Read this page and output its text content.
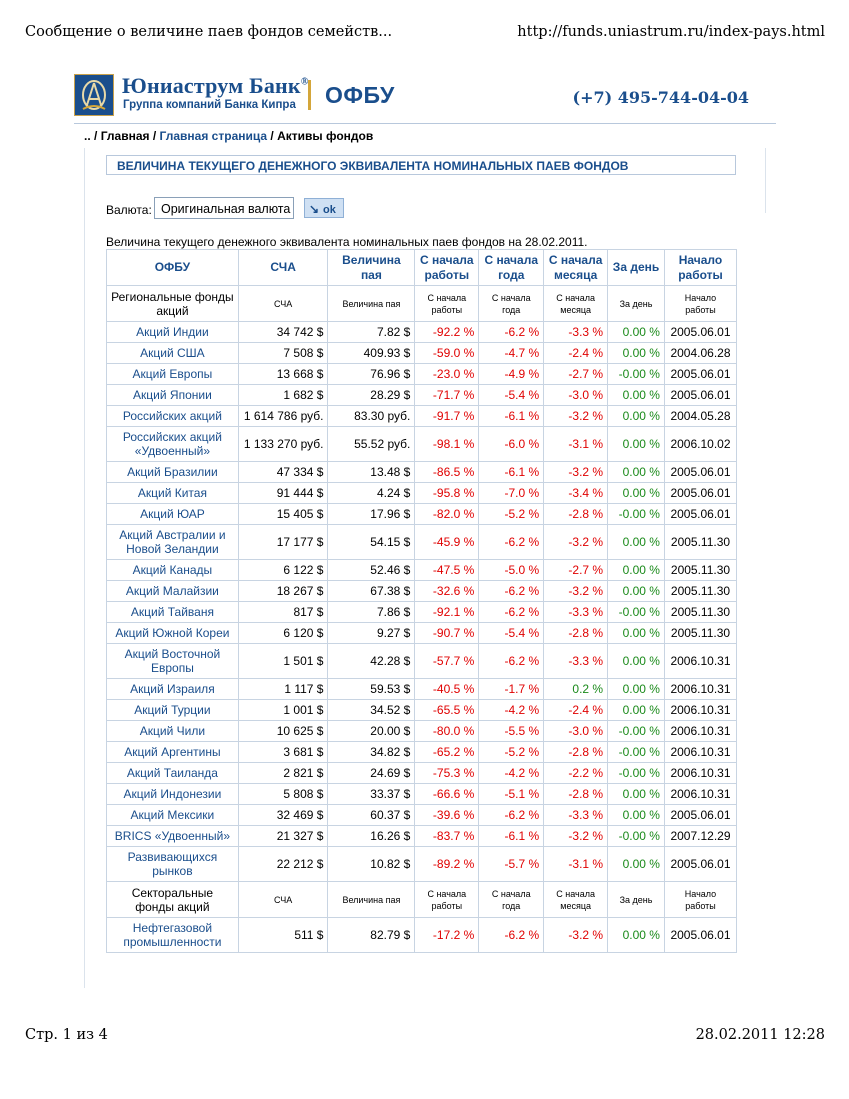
Сообщение о величине паев фондов семейств...	http://funds.uniastrum.ru/index-pays.html
Юниаструм Банк®
Группа компаний Банка Кипра ОФБУ	(+7) 495-744-04-04
.. / Главная / Главная страница / Активы фондов
ВЕЛИЧИНА ТЕКУЩЕГО ДЕНЕЖНОГО ЭКВИВАЛЕНТА НОМИНАЛЬНЫХ ПАЕВ ФОНДОВ
Валюта: Оригинальная валюта	↘ ok
Величина текущего денежного эквивалента номинальных паев фондов на 28.02.2011.
ОФБУ	СЧА	Величина пая	С начала работы	С начала года	С начала месяца	За день	Начало работы
Региональные фонды акций	СЧА	Величина пая	С начала работы	С начала года	С начала месяца	За день	Начало работы
Акций Индии	34 742 $	7.82 $	-92.2 %	-6.2 %	-3.3 %	0.00 %	2005.06.01
Акций США	7 508 $	409.93 $	-59.0 %	-4.7 %	-2.4 %	0.00 %	2004.06.28
Акций Европы	13 668 $	76.96 $	-23.0 %	-4.9 %	-2.7 %	-0.00 %	2005.06.01
Акций Японии	1 682 $	28.29 $	-71.7 %	-5.4 %	-3.0 %	0.00 %	2005.06.01
Российских акций	1 614 786 руб.	83.30 руб.	-91.7 %	-6.1 %	-3.2 %	0.00 %	2004.05.28
Российских акций «Удвоенный»	1 133 270 руб.	55.52 руб.	-98.1 %	-6.0 %	-3.1 %	0.00 %	2006.10.02
Акций Бразилии	47 334 $	13.48 $	-86.5 %	-6.1 %	-3.2 %	0.00 %	2005.06.01
Акций Китая	91 444 $	4.24 $	-95.8 %	-7.0 %	-3.4 %	0.00 %	2005.06.01
Акций ЮАР	15 405 $	17.96 $	-82.0 %	-5.2 %	-2.8 %	-0.00 %	2005.06.01
Акций Австралии и Новой Зеландии	17 177 $	54.15 $	-45.9 %	-6.2 %	-3.2 %	0.00 %	2005.11.30
Акций Канады	6 122 $	52.46 $	-47.5 %	-5.0 %	-2.7 %	0.00 %	2005.11.30
Акций Малайзии	18 267 $	67.38 $	-32.6 %	-6.2 %	-3.2 %	0.00 %	2005.11.30
Акций Тайваня	817 $	7.86 $	-92.1 %	-6.2 %	-3.3 %	-0.00 %	2005.11.30
Акций Южной Кореи	6 120 $	9.27 $	-90.7 %	-5.4 %	-2.8 %	0.00 %	2005.11.30
Акций Восточной Европы	1 501 $	42.28 $	-57.7 %	-6.2 %	-3.3 %	0.00 %	2006.10.31
Акций Израиля	1 117 $	59.53 $	-40.5 %	-1.7 %	0.2 %	0.00 %	2006.10.31
Акций Турции	1 001 $	34.52 $	-65.5 %	-4.2 %	-2.4 %	0.00 %	2006.10.31
Акций Чили	10 625 $	20.00 $	-80.0 %	-5.5 %	-3.0 %	-0.00 %	2006.10.31
Акций Аргентины	3 681 $	34.82 $	-65.2 %	-5.2 %	-2.8 %	-0.00 %	2006.10.31
Акций Таиланда	2 821 $	24.69 $	-75.3 %	-4.2 %	-2.2 %	-0.00 %	2006.10.31
Акций Индонезии	5 808 $	33.37 $	-66.6 %	-5.1 %	-2.8 %	0.00 %	2006.10.31
Акций Мексики	32 469 $	60.37 $	-39.6 %	-6.2 %	-3.3 %	0.00 %	2005.06.01
BRICS «Удвоенный»	21 327 $	16.26 $	-83.7 %	-6.1 %	-3.2 %	-0.00 %	2007.12.29
Развивающихся рынков	22 212 $	10.82 $	-89.2 %	-5.7 %	-3.1 %	0.00 %	2005.06.01
Секторальные фонды акций	СЧА	Величина пая	С начала работы	С начала года	С начала месяца	За день	Начало работы
Нефтегазовой промышленности	511 $	82.79 $	-17.2 %	-6.2 %	-3.2 %	0.00 %	2005.06.01
Стр. 1 из 4	28.02.2011 12:28
